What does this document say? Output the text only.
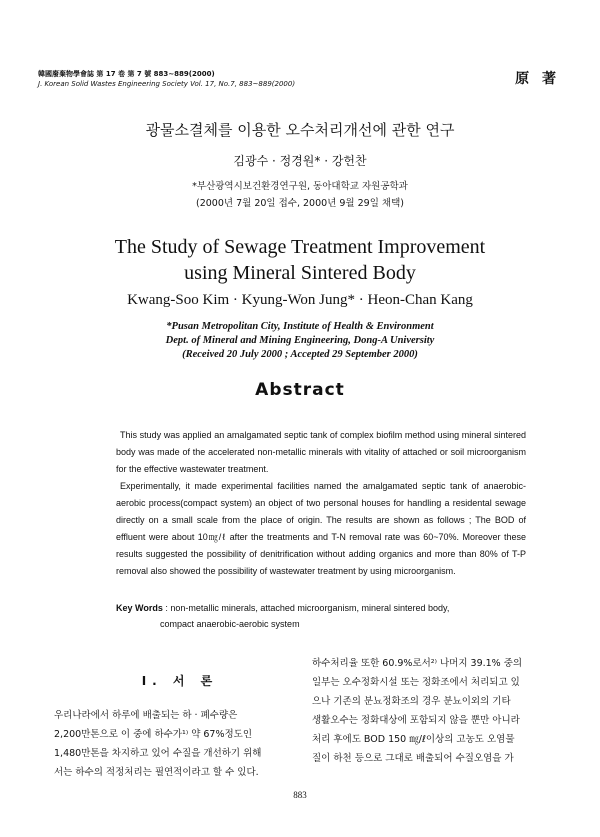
韓國廢棄物學會誌 第 17 卷 第 7 號 883~889(2000)
J. Korean Solid Wastes Engineering Society Vol. 17, No.7, 883~889(2000)	原 著
광물소결체를 이용한 오수처리개선에 관한 연구
김광수 · 정경원* · 강헌찬
*부산광역시보건환경연구원, 동아대학교 자원공학과
(2000년 7월 20일 접수, 2000년 9월 29일 채택)
The Study of Sewage Treatment Improvement
using Mineral Sintered Body
Kwang-Soo Kim · Kyung-Won Jung* · Heon-Chan Kang
*Pusan Metropolitan City, Institute of Health & Environment
Dept. of Mineral and Mining Engineering, Dong-A University
(Received 20 July 2000 ; Accepted 29 September 2000)
Abstract

This study was applied an amalgamated septic tank of complex biofilm method using mineral sintered body was made of the accelerated non-metallic minerals with vitality of attached or soil microorganism for the effective wastewater treatment.

Experimentally, it made experimental facilities named the amalgamated septic tank of anaerobic-aerobic process(compact system) an object of two personal houses for handling a residental sewage directly on a small scale from the place of origin. The results are shown as follows ; The BOD of effluent were about 10㎎/ℓ after the treatments and T-N removal rate was 60~70%. Moreover these results suggested the possibility of denitrification without adding organics and more than 80% of T-P removal also showed the possibility of wastewater treatment by using microorganism.

Key Words : non-metallic minerals, attached microorganism, mineral sintered body,
compact anaerobic-aerobic system
Ⅰ. 서 론
우리나라에서 하루에 배출되는 하 · 폐수량은
2,200만톤으로 이 중에 하수가¹⁾ 약 67%정도인
1,480만톤을 차지하고 있어 수질을 개선하기 위해
서는 하수의 적정처리는 필연적이라고 할 수 있다.
하수처리율 또한 60.9%로서²⁾ 나머지 39.1% 중의
일부는 오수정화시설 또는 정화조에서 처리되고 있
으나 기존의 분뇨정화조의 경우 분뇨이외의 기타
생활오수는 정화대상에 포함되지 않을 뿐만 아니라
처리 후에도 BOD 150 ㎎/ℓ이상의 고농도 오염물
질이 하천 등으로 그대로 배출되어 수질오염을 가
883
